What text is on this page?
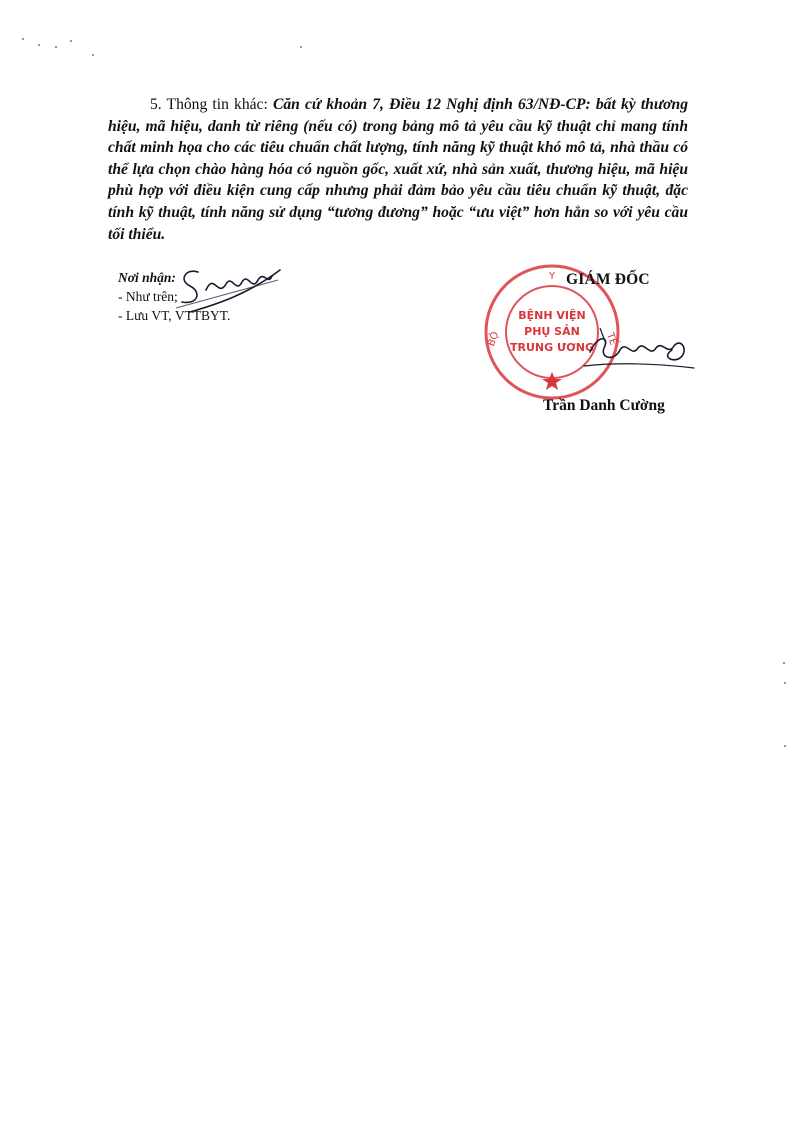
5. Thông tin khác: Căn cứ khoản 7, Điều 12 Nghị định 63/NĐ-CP: bất kỳ thương hiệu, mã hiệu, danh từ riêng (nếu có) trong bảng mô tả yêu cầu kỹ thuật chỉ mang tính chất minh họa cho các tiêu chuẩn chất lượng, tính năng kỹ thuật khó mô tả, nhà thầu có thể lựa chọn chào hàng hóa có nguồn gốc, xuất xứ, nhà sản xuất, thương hiệu, mã hiệu phù hợp với điều kiện cung cấp nhưng phải đảm bảo yêu cầu tiêu chuẩn kỹ thuật, đặc tính kỹ thuật, tính năng sử dụng “tương đương” hoặc “ưu việt” hơn hẳn so với yêu cầu tối thiểu.
Nơi nhận:
- Như trên;
- Lưu VT, VTTBYT.
Y
BỘ	TẾ
BỆNH VIỆN
PHỤ SẢN
TRUNG ƯƠNG
GIÁM ĐỐC
Trần Danh Cường
